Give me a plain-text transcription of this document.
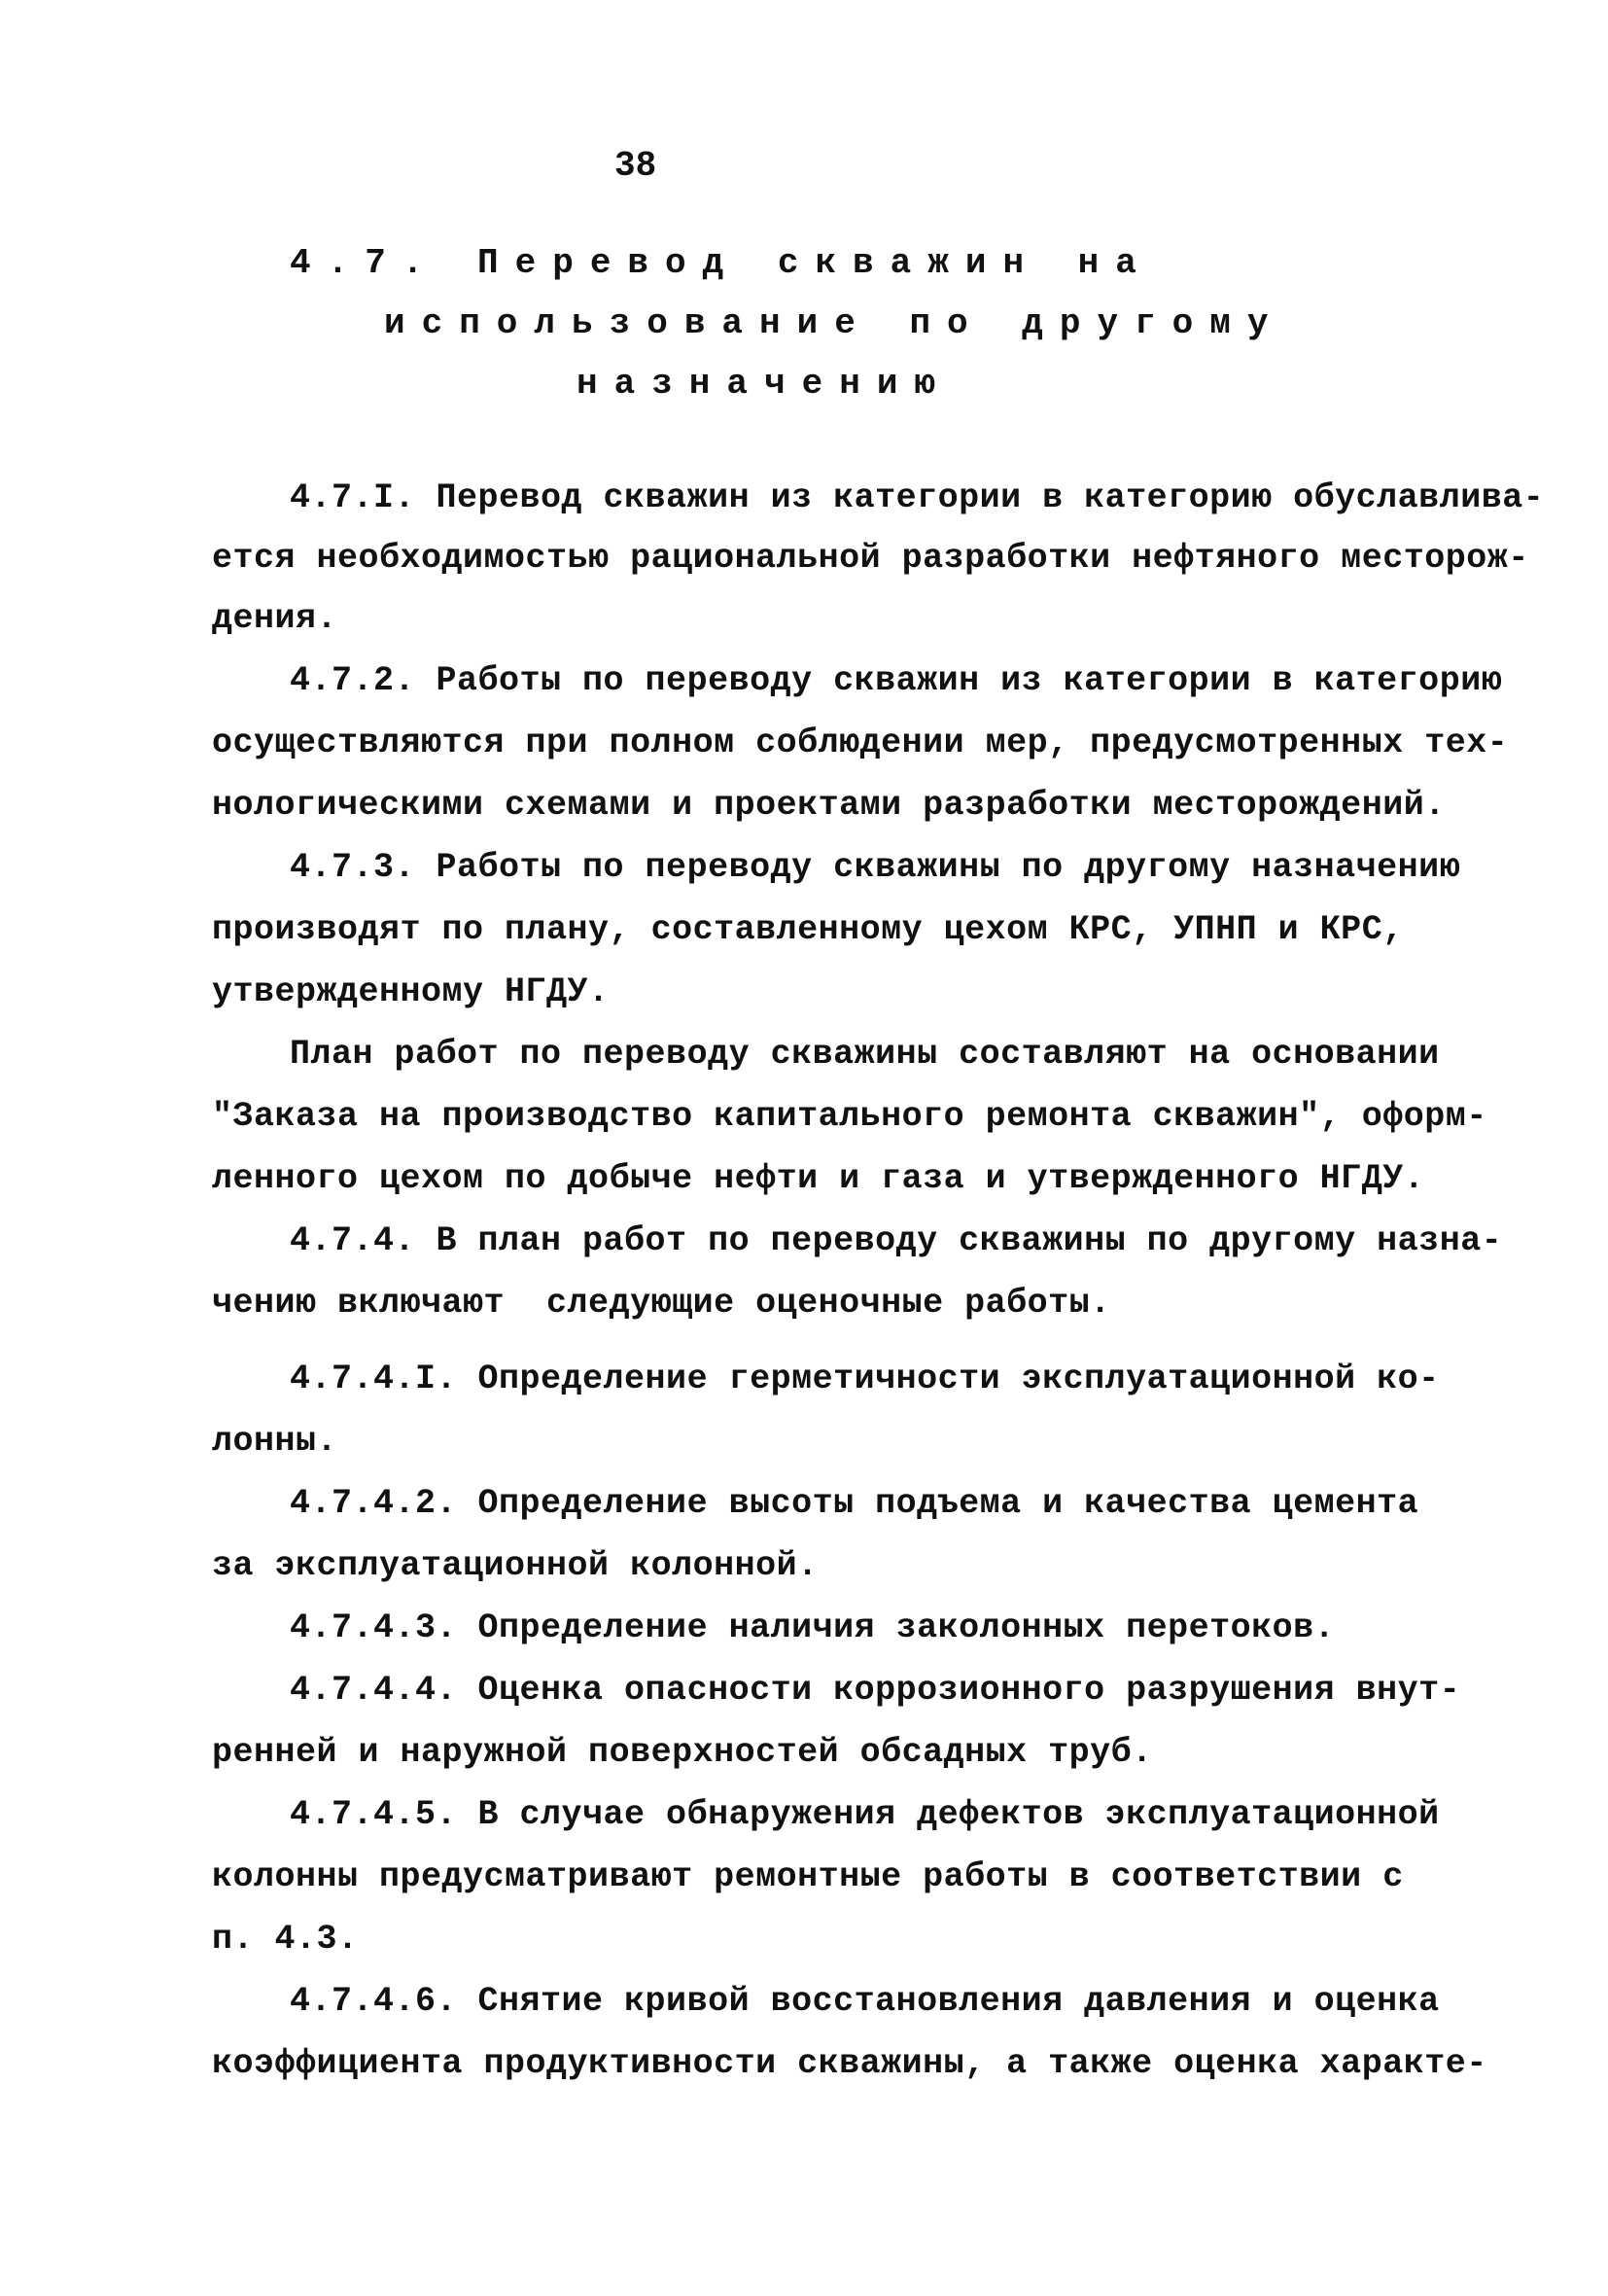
38
4.7. Перевод скважин на
использование по другому
назначению
4.7.I. Перевод скважин из категории в категорию обуславлива-
ется необходимостью рациональной разработки нефтяного месторож-
дения.
4.7.2. Работы по переводу скважин из категории в категорию
осуществляются при полном соблюдении мер, предусмотренных тех-
нологическими схемами и проектами разработки месторождений.
4.7.3. Работы по переводу скважины по другому назначению
производят по плану, составленному цехом КРС, УПНП и КРС,
утвержденному НГДУ.
План работ по переводу скважины составляют на основании
"Заказа на производство капитального ремонта скважин", оформ-
ленного цехом по добыче нефти и газа и утвержденного НГДУ.
4.7.4. В план работ по переводу скважины по другому назна-
чению включают  следующие оценочные работы.
4.7.4.I. Определение герметичности эксплуатационной ко-
лонны.
4.7.4.2. Определение высоты подъема и качества цемента
за эксплуатационной колонной.
4.7.4.3. Определение наличия заколонных перетоков.
4.7.4.4. Оценка опасности коррозионного разрушения внут-
ренней и наружной поверхностей обсадных труб.
4.7.4.5. В случае обнаружения дефектов эксплуатационной
колонны предусматривают ремонтные работы в соответствии с
п. 4.3.
4.7.4.6. Снятие кривой восстановления давления и оценка
коэффициента продуктивности скважины, а также оценка характе-
